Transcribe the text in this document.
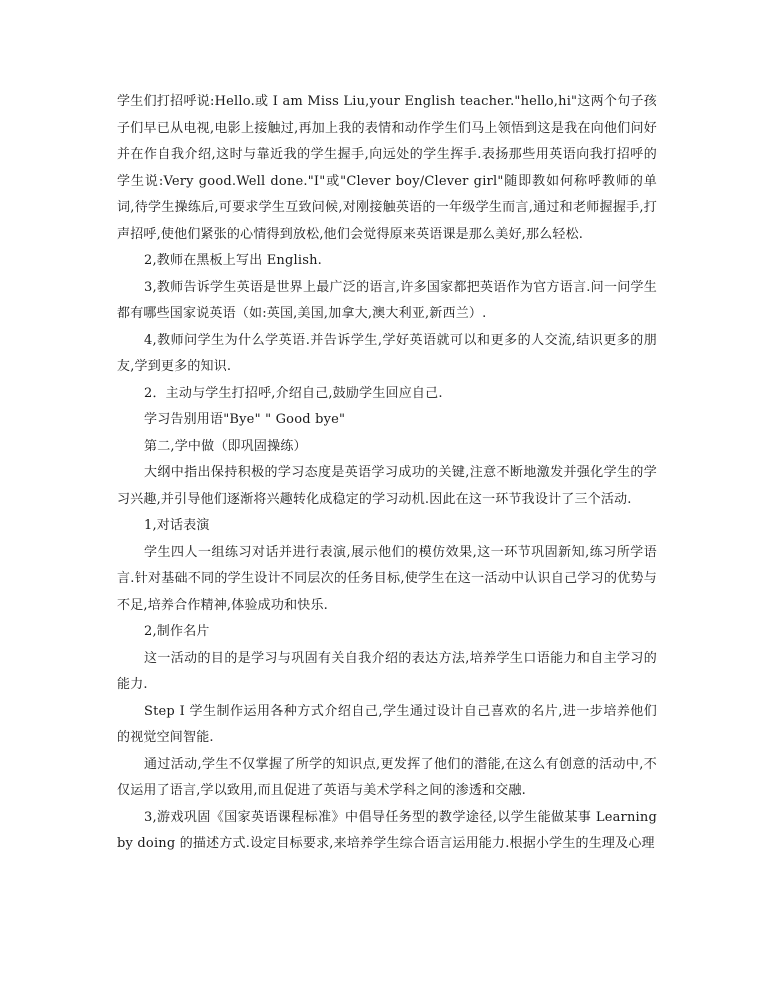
学生们打招呼说:Hello.或 I am Miss Liu,your English teacher."hello,hi"这两个句子孩子们早已从电视,电影上接触过,再加上我的表情和动作学生们马上领悟到这是我在向他们问好并在作自我介绍,这时与靠近我的学生握手,向远处的学生挥手.表扬那些用英语向我打招呼的学生说:Very good.Well done."I"或"Clever boy/Clever girl"随即教如何称呼教师的单词,待学生操练后,可要求学生互致问候,对刚接触英语的一年级学生而言,通过和老师握握手,打声招呼,使他们紧张的心情得到放松,他们会觉得原来英语课是那么美好,那么轻松.

2,教师在黑板上写出 English.

3,教师告诉学生英语是世界上最广泛的语言,许多国家都把英语作为官方语言.问一问学生都有哪些国家说英语（如:英国,美国,加拿大,澳大利亚,新西兰）.

4,教师问学生为什么学英语.并告诉学生,学好英语就可以和更多的人交流,结识更多的朋友,学到更多的知识.

2．主动与学生打招呼,介绍自己,鼓励学生回应自己.

学习告别用语"Bye" " Good bye"

第二,学中做（即巩固操练）

大纲中指出保持积极的学习态度是英语学习成功的关键,注意不断地激发并强化学生的学习兴趣,并引导他们逐渐将兴趣转化成稳定的学习动机.因此在这一环节我设计了三个活动.

1,对话表演

学生四人一组练习对话并进行表演,展示他们的模仿效果,这一环节巩固新知,练习所学语言.针对基础不同的学生设计不同层次的任务目标,使学生在这一活动中认识自己学习的优势与不足,培养合作精神,体验成功和快乐.

2,制作名片

这一活动的目的是学习与巩固有关自我介绍的表达方法,培养学生口语能力和自主学习的能力.

Step I 学生制作运用各种方式介绍自己,学生通过设计自己喜欢的名片,进一步培养他们的视觉空间智能.

通过活动,学生不仅掌握了所学的知识点,更发挥了他们的潜能,在这么有创意的活动中,不仅运用了语言,学以致用,而且促进了英语与美术学科之间的渗透和交融.

3,游戏巩固《国家英语课程标准》中倡导任务型的教学途径,以学生能做某事 Learning by doing 的描述方式.设定目标要求,来培养学生综合语言运用能力.根据小学生的生理及心理
